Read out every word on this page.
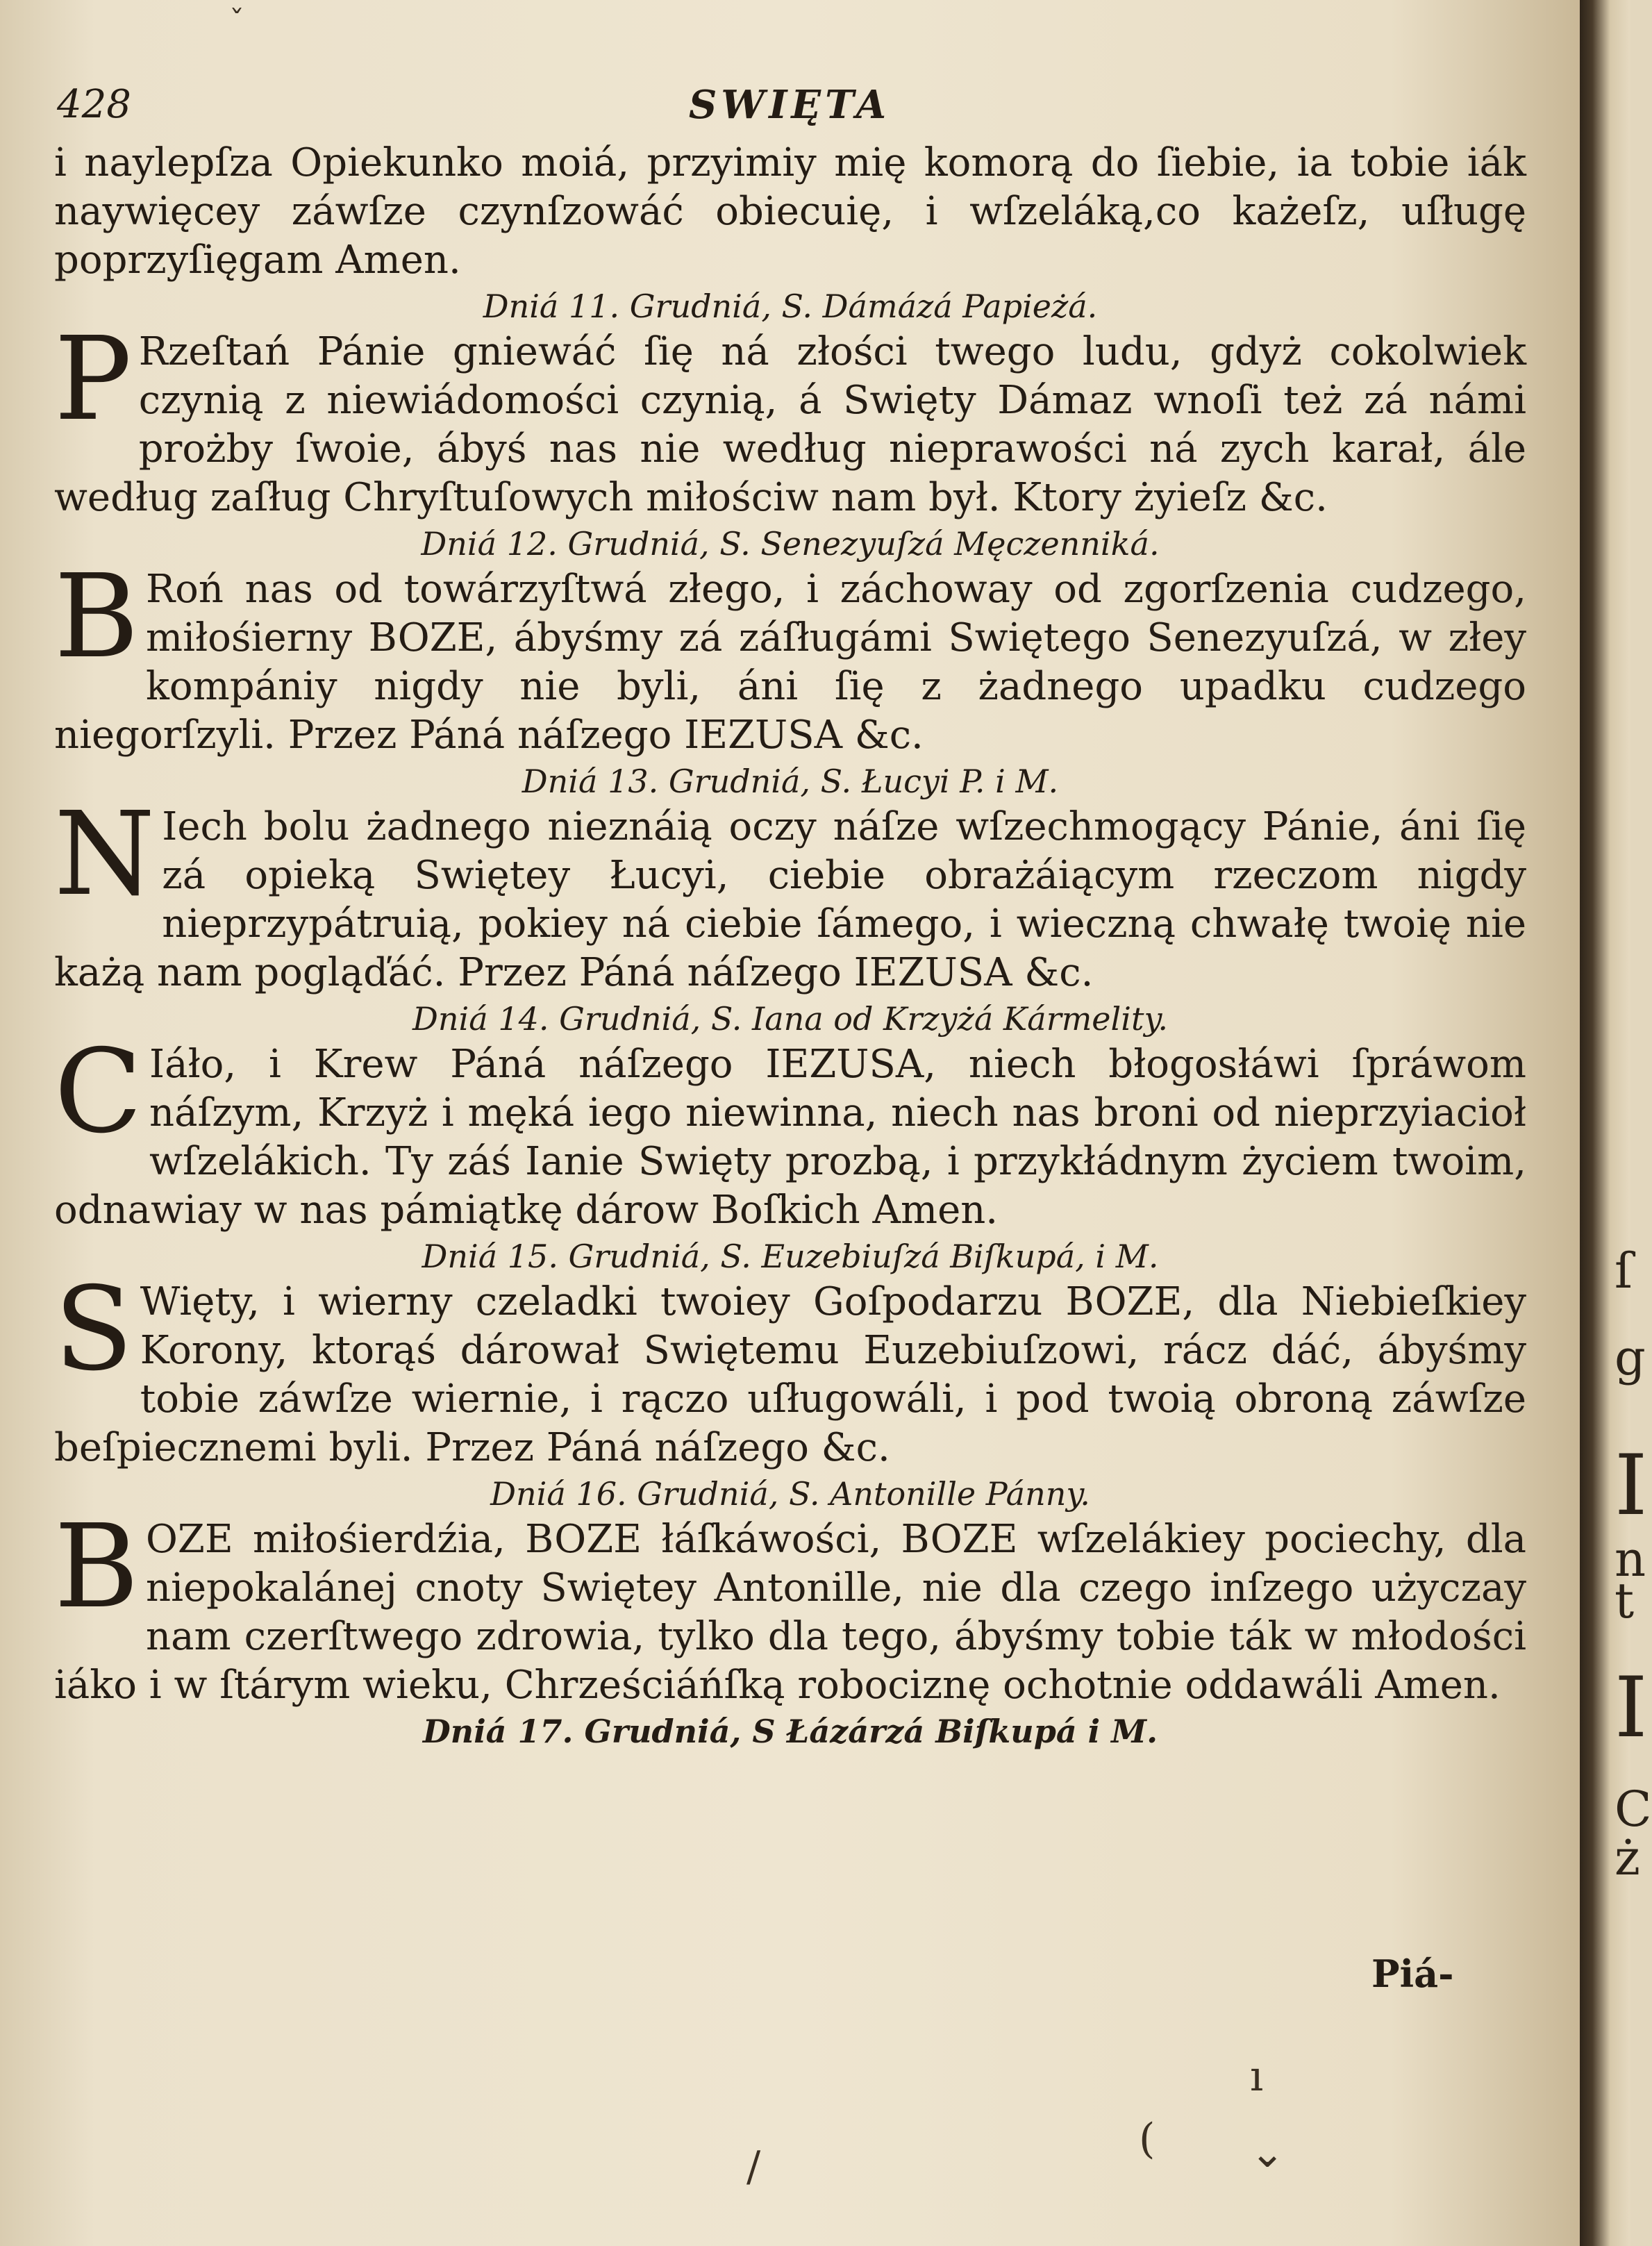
428	SWIĘTA

i naylepſza Opiekunko moiá, przyimiy mię komorą do ſiebie, ia tobie iák naywięcey záwſze czynſzowáć obiecuię, i wſzeláką,co każeſz, uſługę poprzyſięgam Amen.

Dniá 11. Grudniá, S. Dámázá Papieżá.

P Rzeſtań Pánie gniewáć ſię ná złości twego ludu, gdyż cokolwiek czynią z niewiádomości czynią, á Swięty Dámaz wnoſi też zá námi prożby ſwoie, ábyś nas nie według nieprawości ná zych karał, ále według zaſług Chryſtuſowych miłościw nam był. Ktory żyieſz &c.

Dniá 12. Grudniá, S. Senezyuſzá Męczenniká.

B Roń nas od towárzyſtwá złego, i záchoway od zgorſzenia cudzego, miłośierny BOZE, ábyśmy zá záſługámi Swiętego Senezyuſzá, w złey kompániy nigdy nie byli, áni ſię z żadnego upadku cudzego niegorſzyli. Przez Páná náſzego IEZUSA &c.

Dniá 13. Grudniá, S. Łucyi P. i M.

N Iech bolu żadnego nieznáią oczy náſze wſzechmogący Pánie, áni ſię zá opieką Swiętey Łucyi, ciebie obrażáiącym rzeczom nigdy nieprzypátruią, pokiey ná ciebie ſámego, i wieczną chwałę twoię nie każą nam pogląďáć. Przez Páná náſzego IEZUSA &c.

Dniá 14. Grudniá, S. Iana od Krzyżá Kármelity.

C Iáło, i Krew Páná náſzego IEZUSA, niech błogosłáwi ſpráwom náſzym, Krzyż i męká iego niewinna, niech nas broni od nieprzyiacioł wſzelákich. Ty záś Ianie Swięty prozbą, i przykłádnym życiem twoim, odnawiay w nas pámiątkę dárow Boſkich Amen.

Dniá 15. Grudniá, S. Euzebiuſzá Biſkupá, i M.

S Więty, i wierny czeladki twoiey Goſpodarzu BOZE, dla Niebieſkiey Korony, ktorąś dárował Swiętemu Euzebiuſzowi, rácz dáć, ábyśmy tobie záwſze wiernie, i rączo uſługowáli, i pod twoią obroną záwſze beſpiecznemi byli. Przez Páná náſzego &c.

Dniá 16. Grudniá, S. Antonille Pánny.

B OZE miłośierdźia, BOZE łáſkáwości, BOZE wſzelákiey pociechy, dla niepokalánej cnoty Swiętey Antonille, nie dla czego inſzego użyczay nam czerſtwego zdrowia, tylko dla tego, ábyśmy tobie ták w młodości iáko i w ſtárym wieku, Chrześciáńſką robociznę ochotnie oddawáli Amen.

Dniá 17. Grudniá, S Łázárzá Biſkupá i M.

Piá-
ı
( ⌄
/
ˇ
ſ
g
I
n
t
I
C
ż
